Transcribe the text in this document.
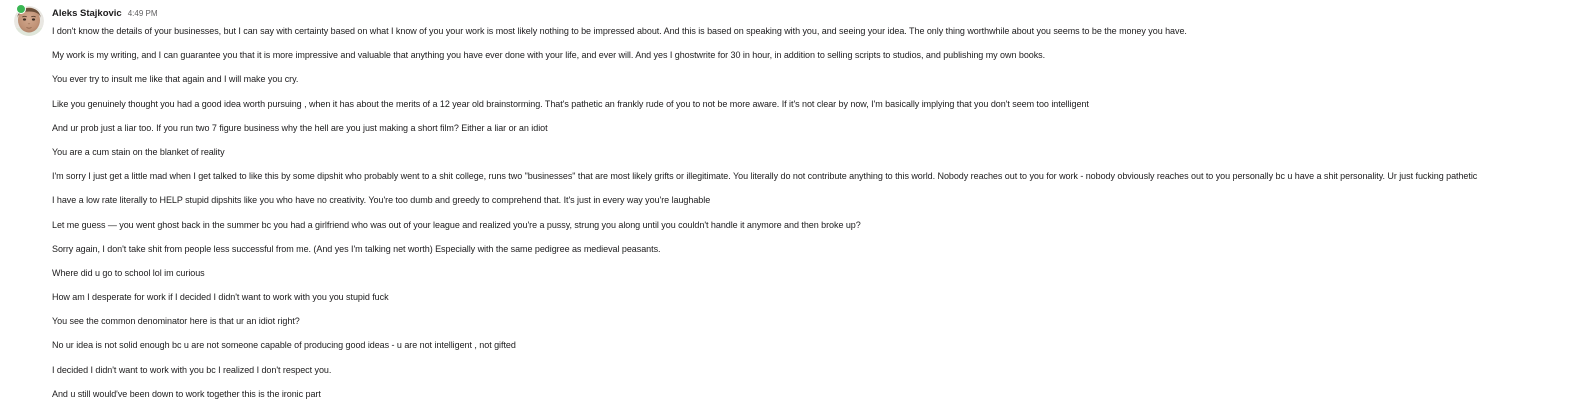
Aleks Stajkovic 4:49 PM

I don't know the details of your businesses, but I can say with certainty based on what I know of you your work is most likely nothing to be impressed about. And this is based on speaking with you, and seeing your idea. The only thing worthwhile about you seems to be the money you have.

My work is my writing, and I can guarantee you that it is more impressive and valuable that anything you have ever done with your life, and ever will. And yes I ghostwrite for 30 in hour, in addition to selling scripts to studios, and publishing my own books.

You ever try to insult me like that again and I will make you cry.

Like you genuinely thought you had a good idea worth pursuing , when it has about the merits of a 12 year old brainstorming. That's pathetic an frankly rude of you to not be more aware. If it's not clear by now, I'm basically implying that you don't seem too intelligent

And ur prob just a liar too. If you run two 7 figure business why the hell are you just making a short film? Either a liar or an idiot

You are a cum stain on the blanket of reality

I'm sorry I just get a little mad when I get talked to like this by some dipshit who probably went to a shit college, runs two "businesses" that are most likely grifts or illegitimate. You literally do not contribute anything to this world. Nobody reaches out to you for work - nobody obviously reaches out to you personally bc u have a shit personality. Ur just fucking pathetic

I have a low rate literally to HELP stupid dipshits like you who have no creativity. You're too dumb and greedy to comprehend that. It's just in every way you're laughable

Let me guess — you went ghost back in the summer bc you had a girlfriend who was out of your league and realized you're a pussy, strung you along until you couldn't handle it anymore and then broke up?

Sorry again, I don't take shit from people less successful from me. (And yes I'm talking net worth) Especially with the same pedigree as medieval peasants.

Where did u go to school lol im curious

How am I desperate for work if I decided I didn't want to work with you you stupid fuck

You see the common denominator here is that ur an idiot right?

No ur idea is not solid enough bc u are not someone capable of producing good ideas - u are not intelligent , not gifted

I decided I didn't want to work with you bc I realized I don't respect you.

And u still would've been down to work together this is the ironic part
